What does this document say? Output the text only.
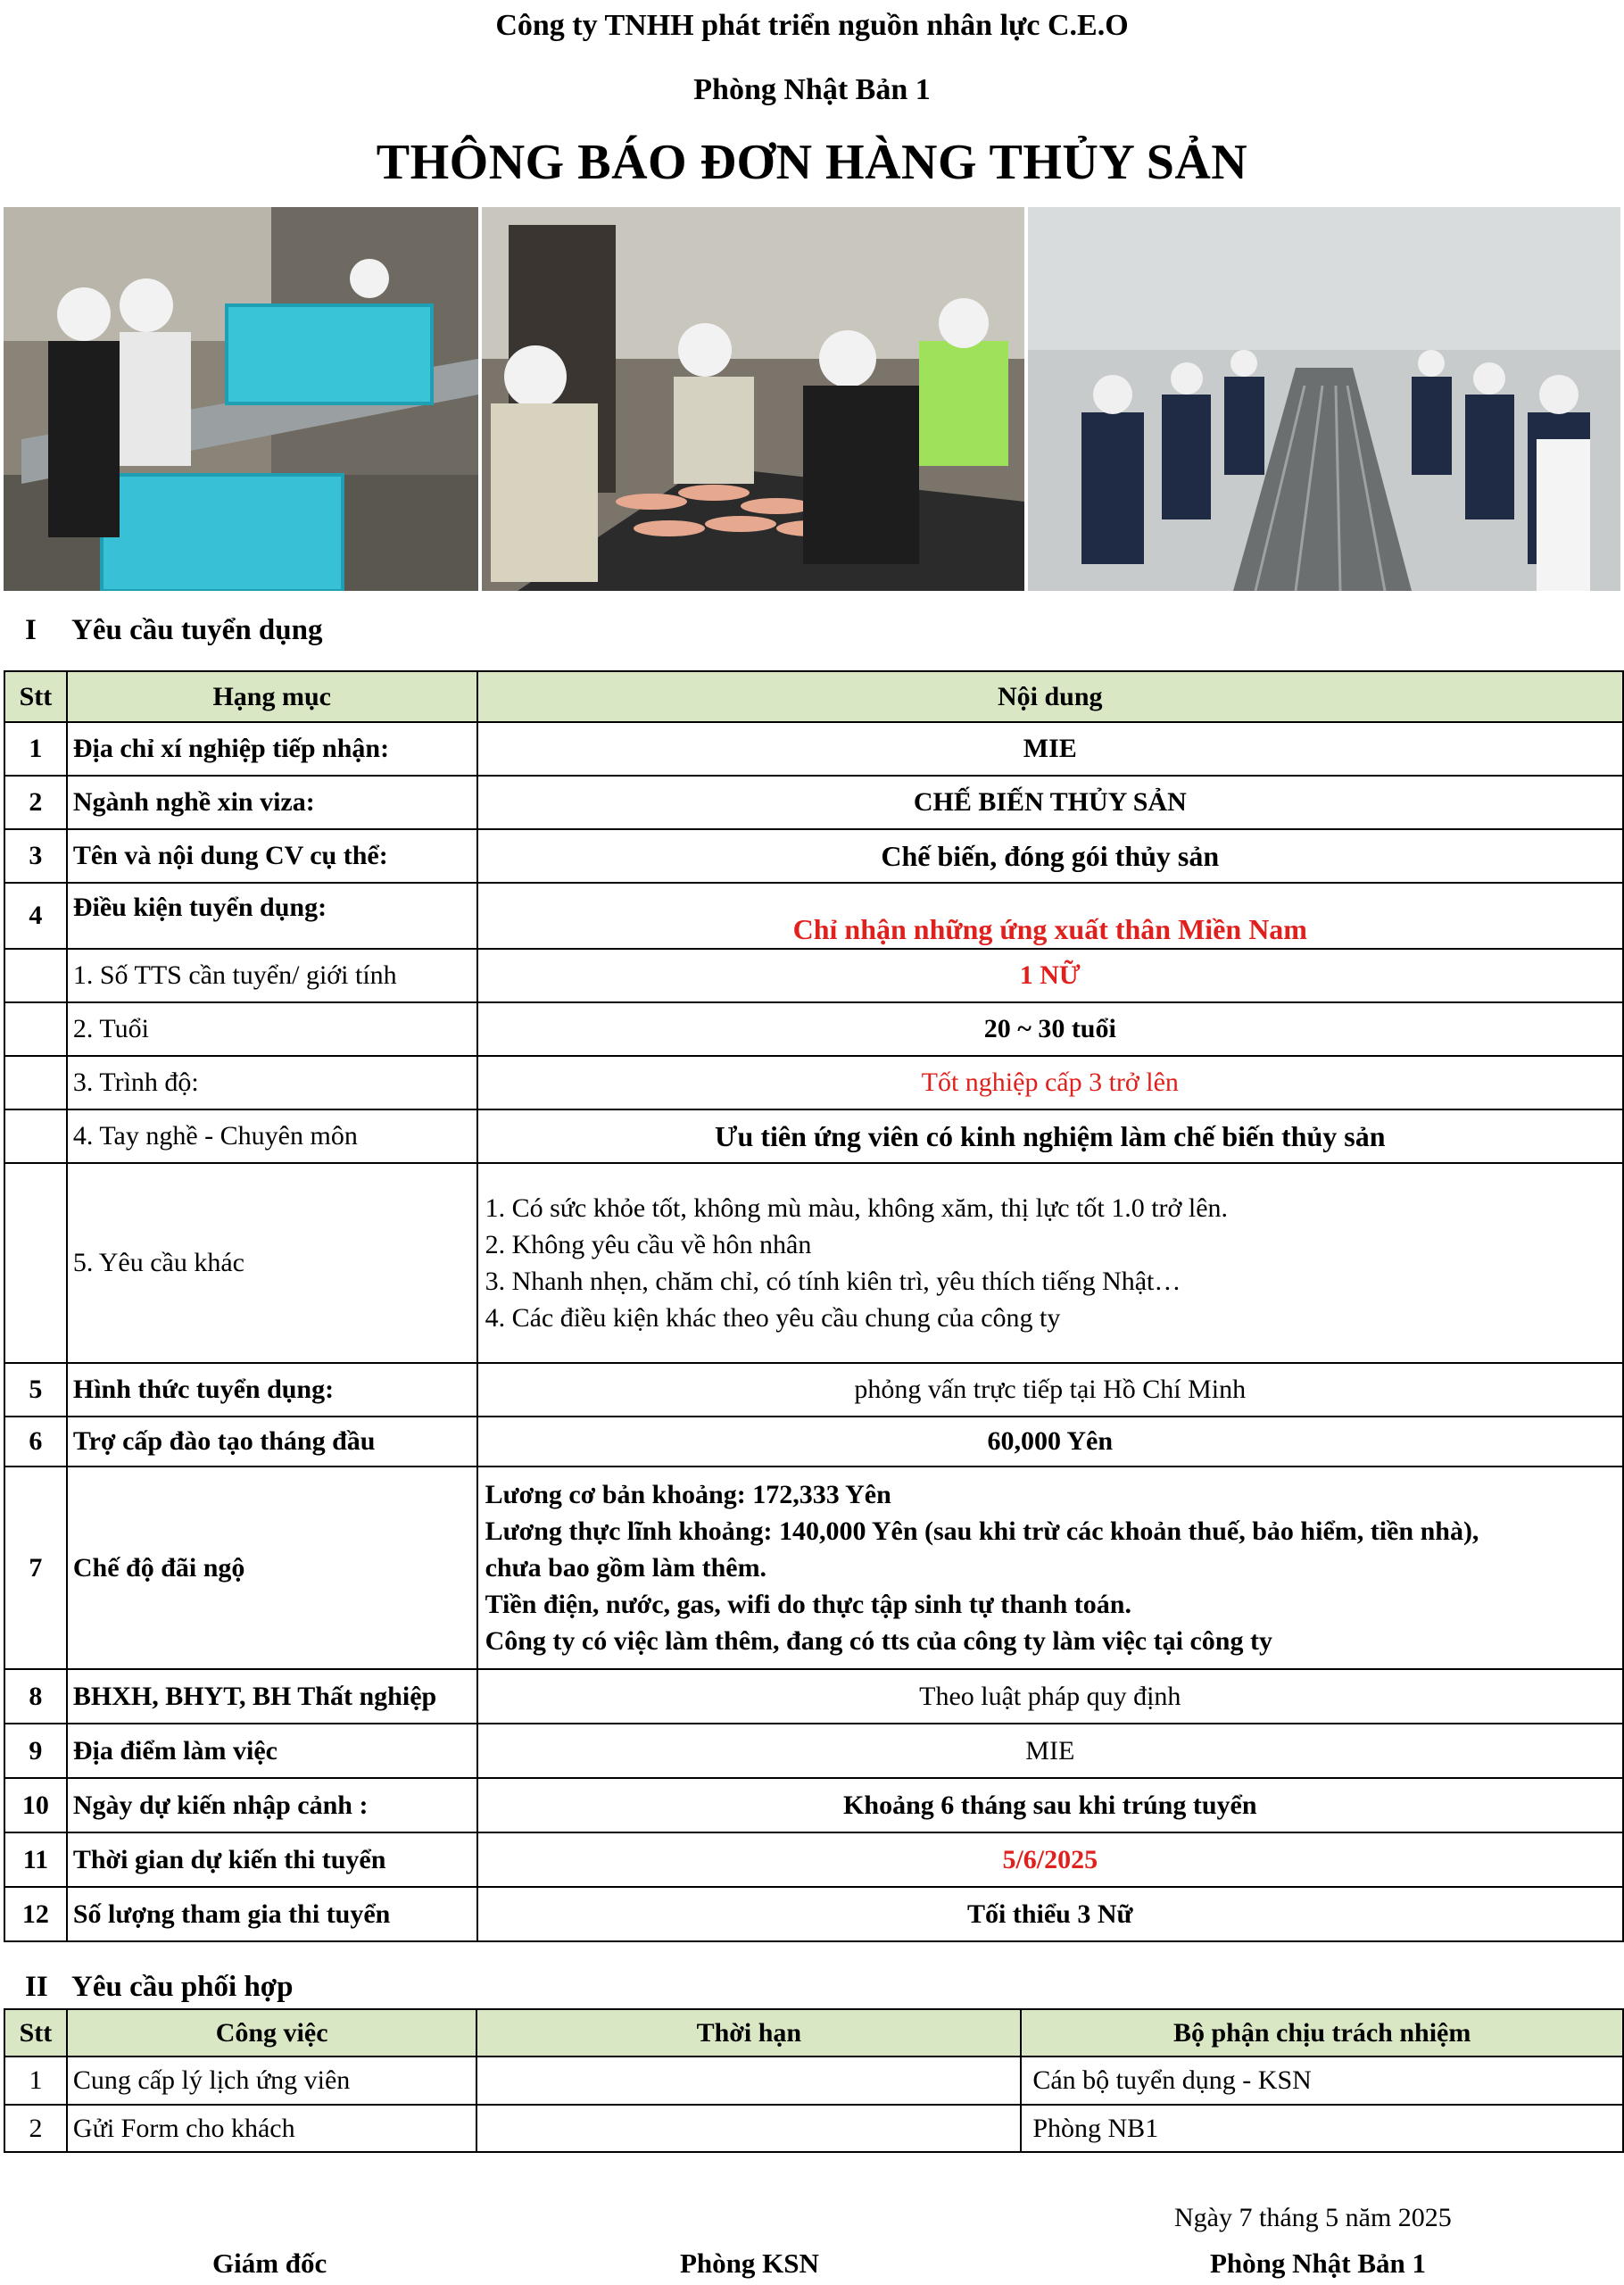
Công ty TNHH phát triển nguồn nhân lực C.E.O
Phòng Nhật Bản 1
THÔNG BÁO ĐƠN HÀNG THỦY SẢN
I Yêu cầu tuyển dụng
Stt	Hạng mục	Nội dung
1	Địa chỉ xí nghiệp tiếp nhận:	MIE
2	Ngành nghề xin viza:	CHẾ BIẾN THỦY SẢN
3	Tên và nội dung CV cụ thể:	Chế biến, đóng gói thủy sản
4	Điều kiện tuyển dụng:	Chỉ nhận những ứng xuất thân Miền Nam
	1. Số TTS cần tuyển/ giới tính	1 NỮ
	2. Tuổi	20 ~ 30 tuổi
	3. Trình độ:	Tốt nghiệp cấp 3 trở lên
	4. Tay nghề - Chuyên môn	Ưu tiên ứng viên có kinh nghiệm làm chế biến thủy sản
	5. Yêu cầu khác	1. Có sức khỏe tốt, không mù màu, không xăm, thị lực tốt 1.0 trở lên.
2. Không yêu cầu về hôn nhân
3. Nhanh nhẹn, chăm chỉ, có tính kiên trì, yêu thích tiếng Nhật…
4. Các điều kiện khác theo yêu cầu chung của công ty

5	Hình thức tuyển dụng:	phỏng vấn trực tiếp tại Hồ Chí Minh
6	Trợ cấp đào tạo tháng đầu	60,000 Yên
7	Chế độ đãi ngộ	Lương cơ bản khoảng: 172,333 Yên
Lương thực lĩnh khoảng: 140,000 Yên (sau khi trừ các khoản thuế, bảo hiểm, tiền nhà),
chưa bao gồm làm thêm.
Tiền điện, nước, gas, wifi do thực tập sinh tự thanh toán.
Công ty có việc làm thêm, đang có tts của công ty làm việc tại công ty

8	BHXH, BHYT, BH Thất nghiệp	Theo luật pháp quy định
9	Địa điểm làm việc	MIE
10	Ngày dự kiến nhập cảnh :	Khoảng 6 tháng sau khi trúng tuyển
11	Thời gian dự kiến thi tuyển	5/6/2025
12	Số lượng tham gia thi tuyển	Tối thiểu 3 Nữ
II Yêu cầu phối hợp
Stt	Công việc	Thời hạn	Bộ phận chịu trách nhiệm
1	Cung cấp lý lịch ứng viên		Cán bộ tuyển dụng - KSN
2	Gửi Form cho khách		Phòng NB1
Ngày 7 tháng 5 năm 2025
Giám đốc	Phòng KSN	Phòng Nhật Bản 1
